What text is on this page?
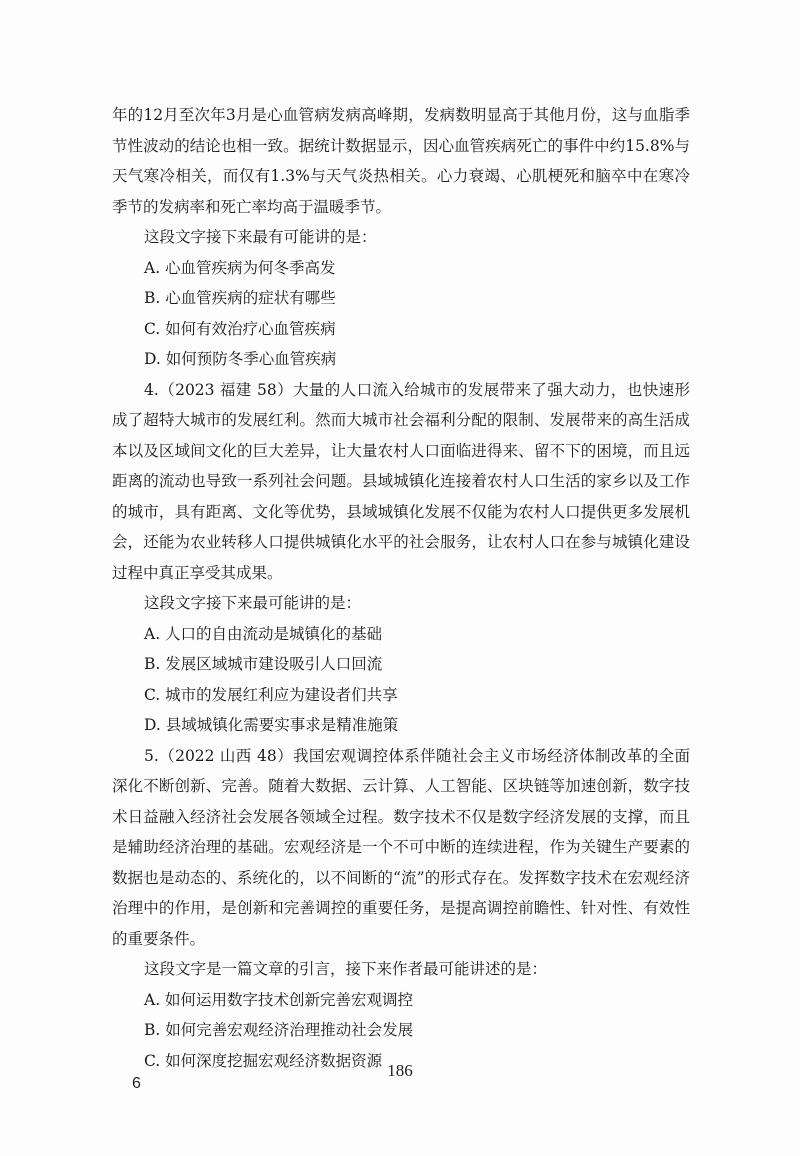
年的12月至次年3月是心血管病发病高峰期，发病数明显高于其他月份，这与血脂季节性波动的结论也相一致。据统计数据显示，因心血管疾病死亡的事件中约15.8%与天气寒冷相关，而仅有1.3%与天气炎热相关。心力衰竭、心肌梗死和脑卒中在寒冷季节的发病率和死亡率均高于温暖季节。

这段文字接下来最有可能讲的是：

A. 心血管疾病为何冬季高发
B. 心血管疾病的症状有哪些
C. 如何有效治疗心血管疾病
D. 如何预防冬季心血管疾病

4.（2023 福建 58）大量的人口流入给城市的发展带来了强大动力，也快速形成了超特大城市的发展红利。然而大城市社会福利分配的限制、发展带来的高生活成本以及区域间文化的巨大差异，让大量农村人口面临进得来、留不下的困境，而且远距离的流动也导致一系列社会问题。县域城镇化连接着农村人口生活的家乡以及工作的城市，具有距离、文化等优势，县域城镇化发展不仅能为农村人口提供更多发展机会，还能为农业转移人口提供城镇化水平的社会服务，让农村人口在参与城镇化建设过程中真正享受其成果。

这段文字接下来最可能讲的是：

A. 人口的自由流动是城镇化的基础
B. 发展区域城市建设吸引人口回流
C. 城市的发展红利应为建设者们共享
D. 县域城镇化需要实事求是精准施策

5.（2022 山西 48）我国宏观调控体系伴随社会主义市场经济体制改革的全面深化不断创新、完善。随着大数据、云计算、人工智能、区块链等加速创新，数字技术日益融入经济社会发展各领域全过程。数字技术不仅是数字经济发展的支撑，而且是辅助经济治理的基础。宏观经济是一个不可中断的连续进程，作为关键生产要素的数据也是动态的、系统化的，以不间断的“流”的形式存在。发挥数字技术在宏观经济治理中的作用，是创新和完善调控的重要任务，是提高调控前瞻性、针对性、有效性的重要条件。

这段文字是一篇文章的引言，接下来作者最可能讲述的是：

A. 如何运用数字技术创新完善宏观调控
B. 如何完善宏观经济治理推动社会发展
C. 如何深度挖掘宏观经济数据资源
186
6
